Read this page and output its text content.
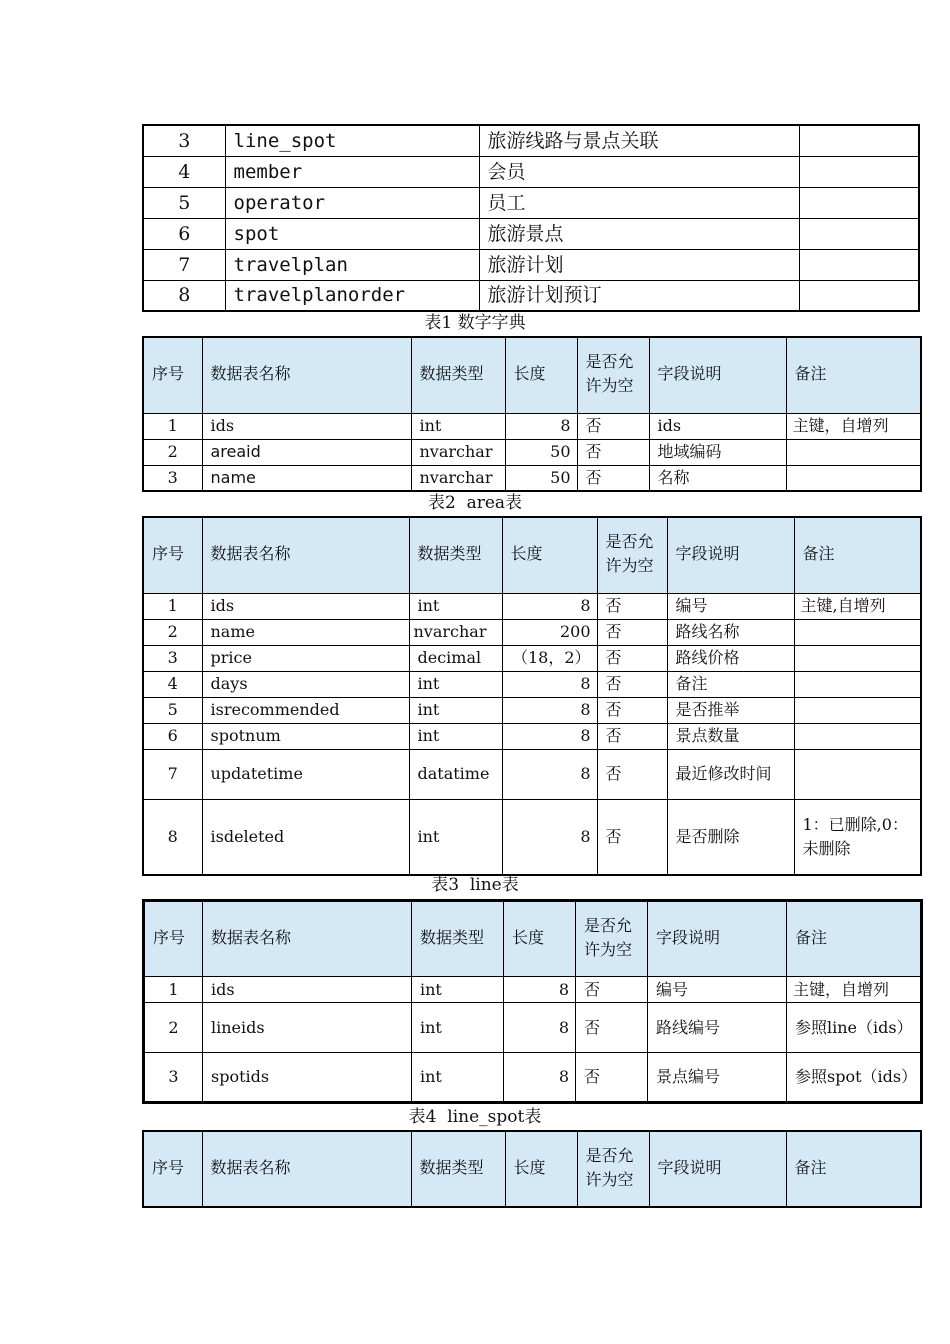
3	line_spot	旅游线路与景点关联	
4	member	会员	
5	operator	员工	
6	spot	旅游景点	
7	travelplan	旅游计划	
8	travelplanorder	旅游计划预订	
表1 数字字典
序号	数据表名称	数据类型	长度	是否允许为空	字段说明	备注
1	ids	int	8	否	ids	主键，自增列
2	areaid	nvarchar	50	否	地域编码	
3	name	nvarchar	50	否	名称	
表2  area表
序号	数据表名称	数据类型	长度	是否允许为空	字段说明	备注
1	ids	int	8	否	编号	主键,自增列
2	name	nvarchar	200	否	路线名称	
3	price	decimal	（18，2）	否	路线价格	
4	days	int	8	否	备注	
5	isrecommended	int	8	否	是否推举	
6	spotnum	int	8	否	景点数量	
7	updatetime	datatime	8	否	最近修改时间	
8	isdeleted	int	8	否	是否删除	1：已删除,0：未删除
表3  line表
序号	数据表名称	数据类型	长度	是否允许为空	字段说明	备注
1	ids	int	8	否	编号	主键，自增列
2	lineids	int	8	否	路线编号	参照line（ids）
3	spotids	int	8	否	景点编号	参照spot（ids）
表4  line_spot表
序号	数据表名称	数据类型	长度	是否允许为空	字段说明	备注
